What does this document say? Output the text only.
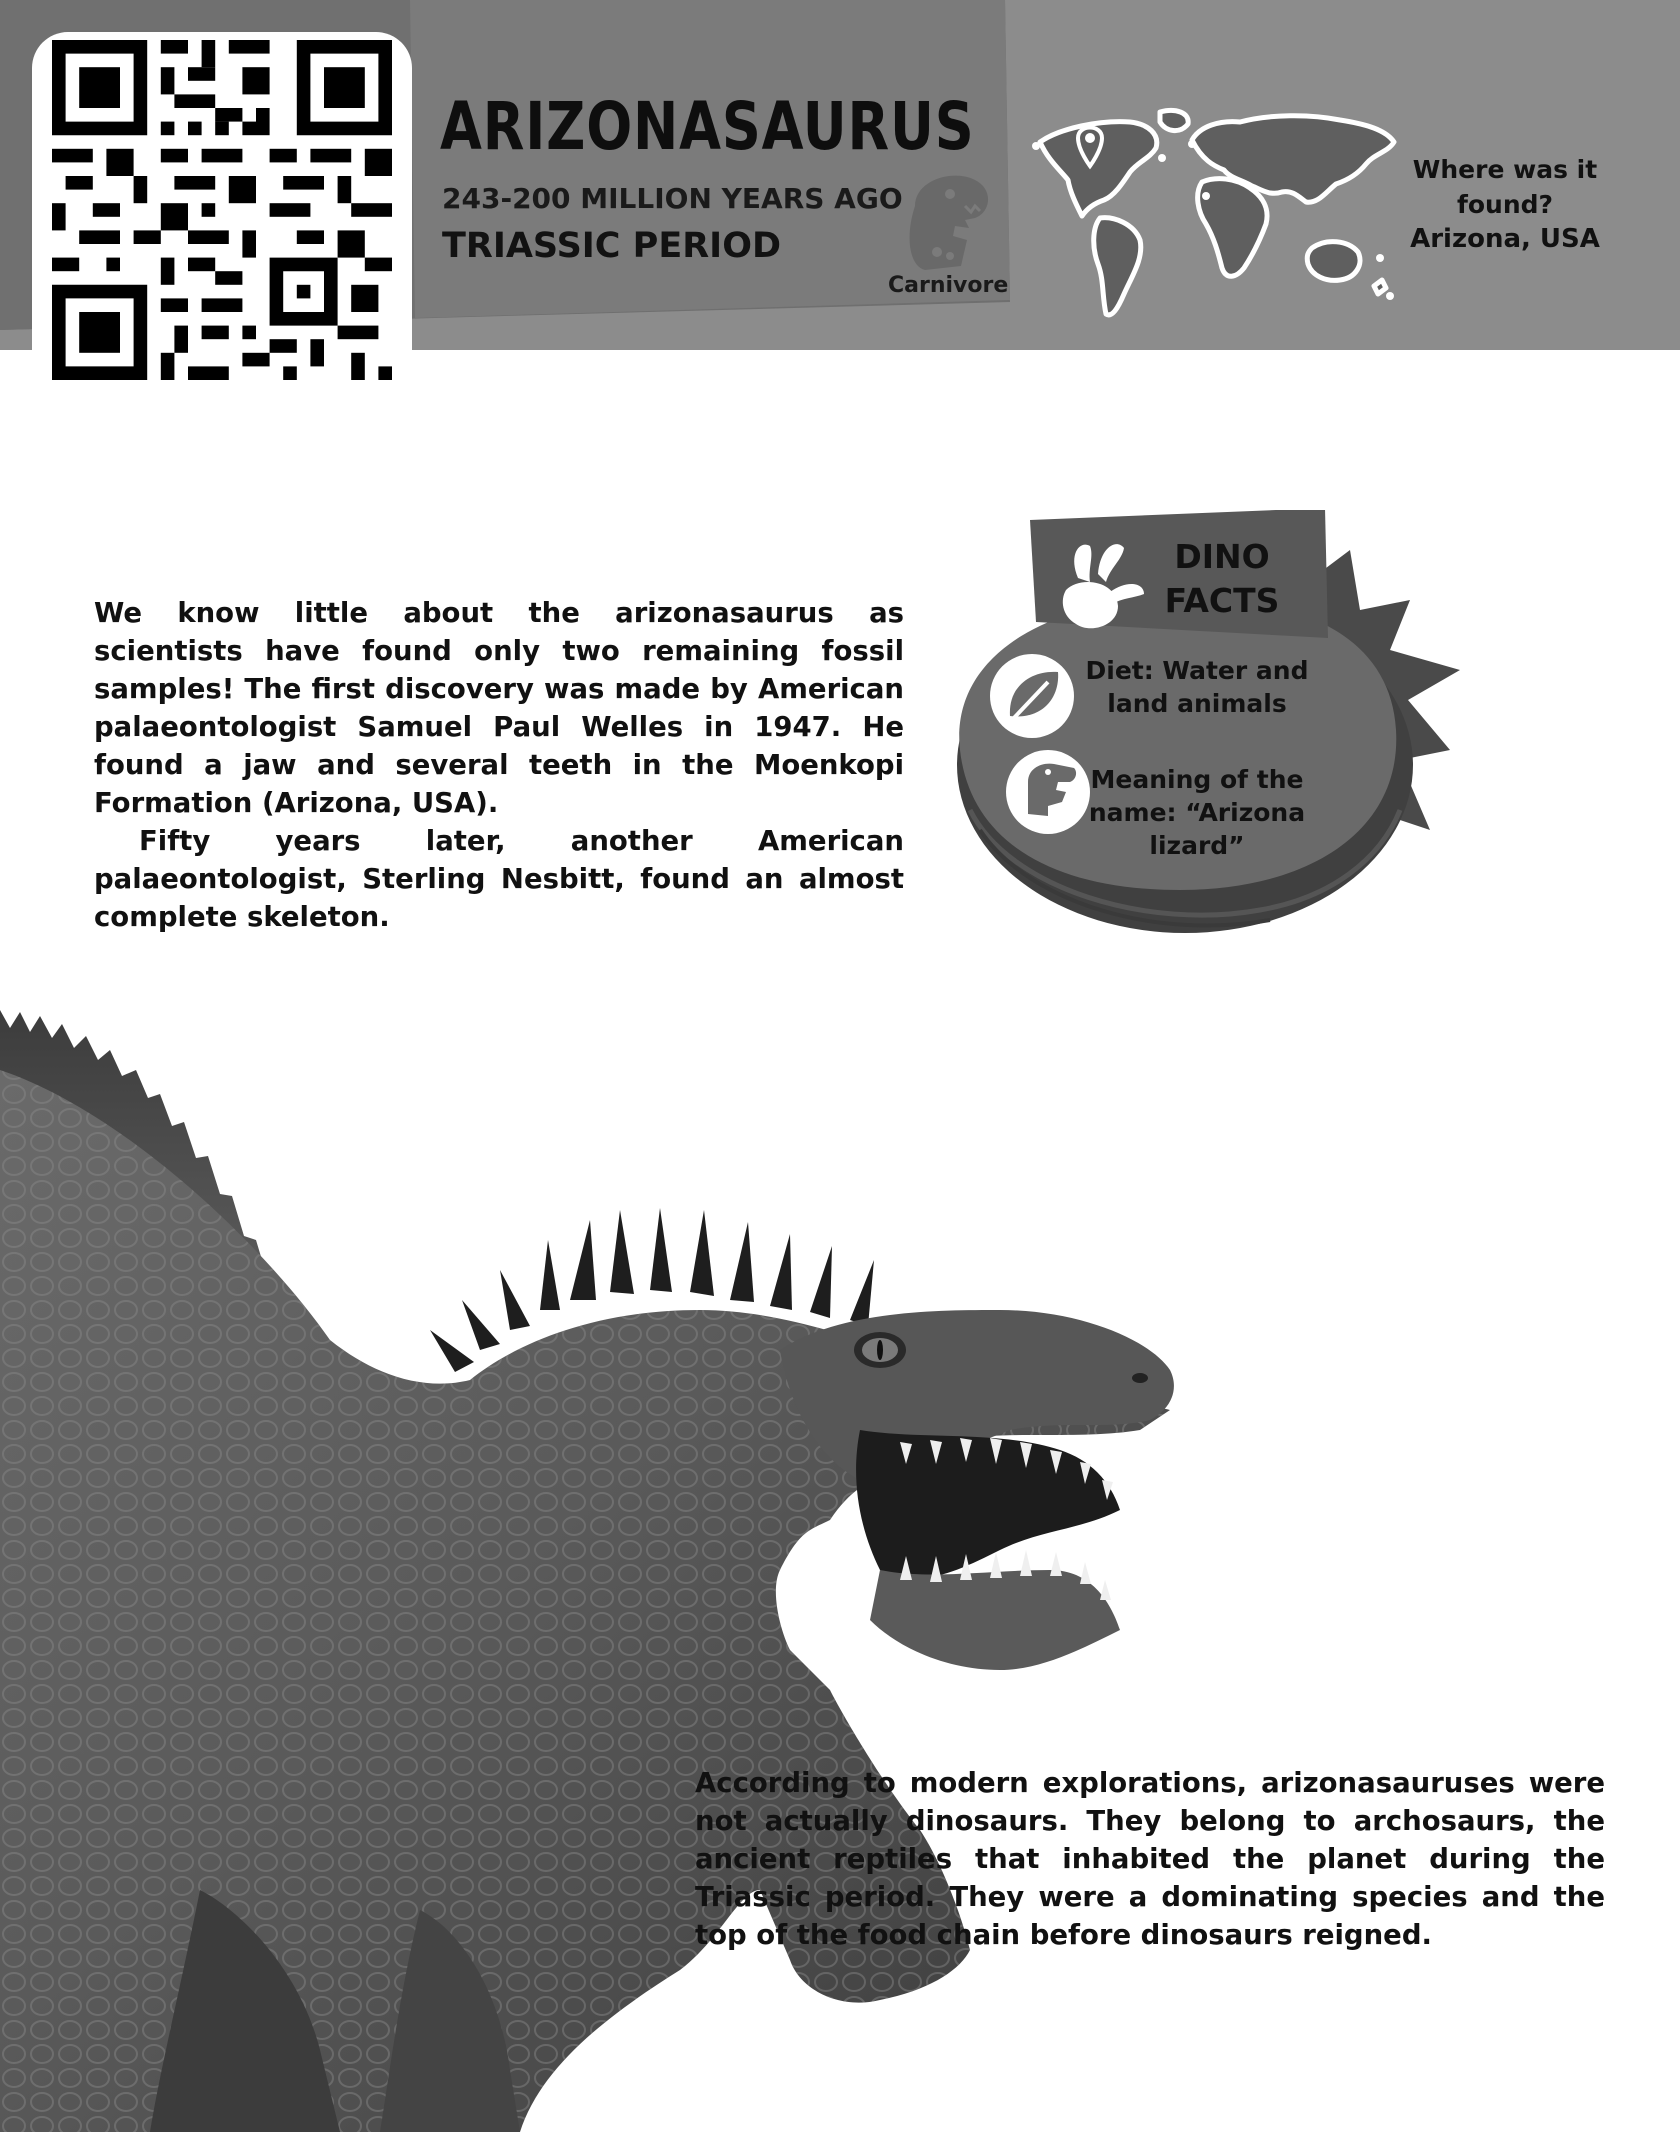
ARIZONASAURUS
243-200 MILLION YEARS AGO
TRIASSIC PERIOD
Carnivore
Where was it found?
Arizona, USA

We know little about the arizonasaurus as scientists have found only two remaining fossil samples! The first discovery was made by American palaeontologist Samuel Paul Welles in 1947. He found a jaw and several teeth in the Moenkopi Formation (Arizona, USA).

Fifty years later, another American palaeontologist, Sterling Nesbitt, found an almost complete skeleton.

DINO FACTS
Diet: Water and land animals
Meaning of the name: “Arizona lizard”

According to modern explorations, arizonasauruses were not actually dinosaurs. They belong to archosaurs, the ancient reptiles that inhabited the planet during the Triassic period. They were a dominating species and the top of the food chain before dinosaurs reigned.
